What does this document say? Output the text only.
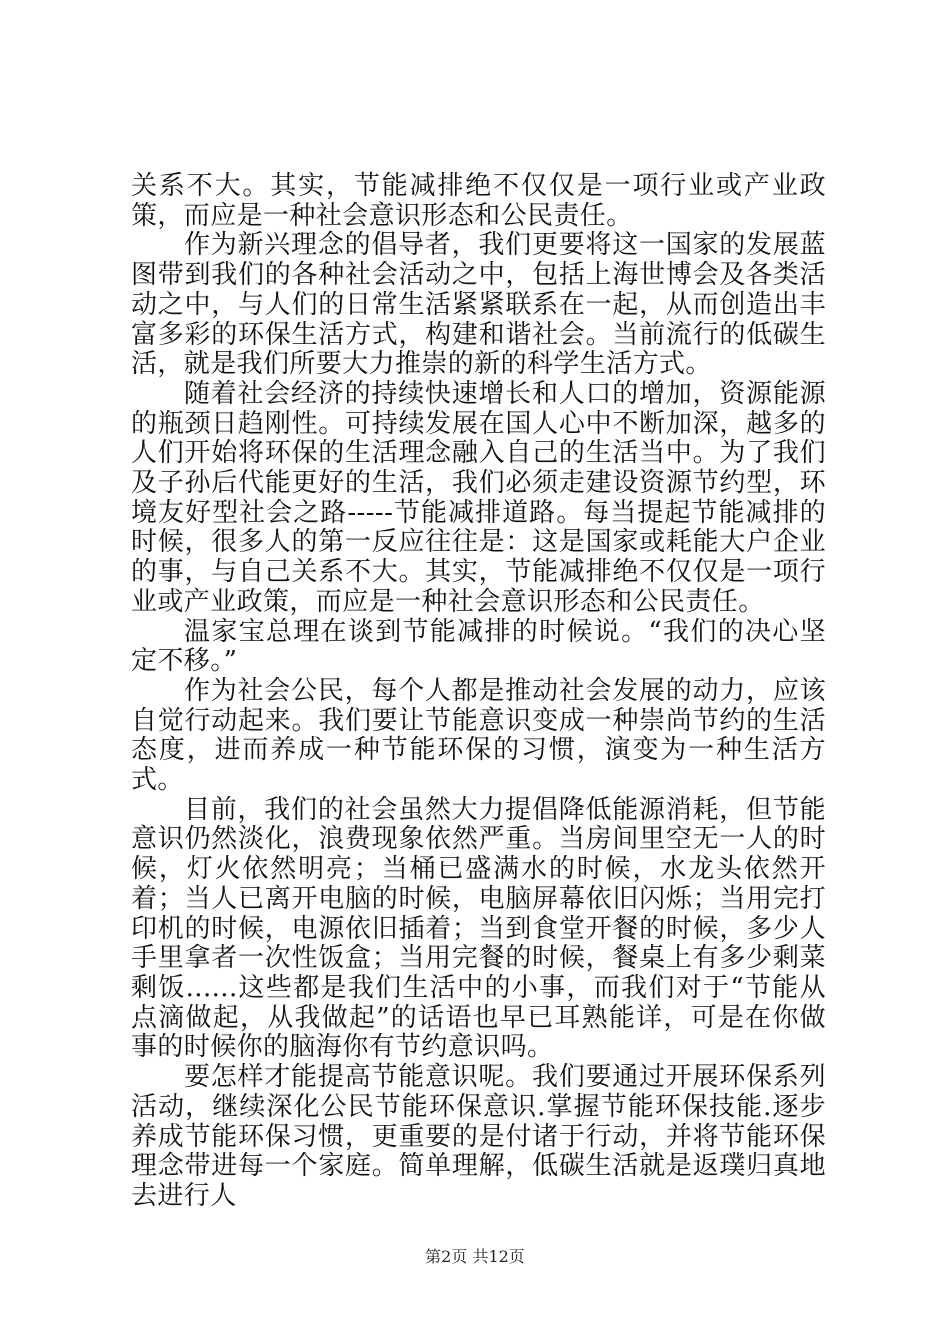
关系不大。其实，节能减排绝不仅仅是一项行业或产业政策，而应是一种社会意识形态和公民责任。

作为新兴理念的倡导者，我们更要将这一国家的发展蓝图带到我们的各种社会活动之中，包括上海世博会及各类活动之中，与人们的日常生活紧紧联系在一起，从而创造出丰富多彩的环保生活方式，构建和谐社会。当前流行的低碳生活，就是我们所要大力推崇的新的科学生活方式。

随着社会经济的持续快速增长和人口的增加，资源能源的瓶颈日趋刚性。可持续发展在国人心中不断加深，越多的人们开始将环保的生活理念融入自己的生活当中。为了我们及子孙后代能更好的生活，我们必须走建设资源节约型，环境友好型社会之路-----节能减排道路。每当提起节能减排的时候，很多人的第一反应往往是：这是国家或耗能大户企业的事，与自己关系不大。其实，节能减排绝不仅仅是一项行业或产业政策，而应是一种社会意识形态和公民责任。

温家宝总理在谈到节能减排的时候说。“我们的决心坚定不移。”

作为社会公民，每个人都是推动社会发展的动力，应该自觉行动起来。我们要让节能意识变成一种崇尚节约的生活态度，进而养成一种节能环保的习惯，演变为一种生活方式。

目前，我们的社会虽然大力提倡降低能源消耗，但节能意识仍然淡化，浪费现象依然严重。当房间里空无一人的时候，灯火依然明亮；当桶已盛满水的时候，水龙头依然开着；当人已离开电脑的时候，电脑屏幕依旧闪烁；当用完打印机的时候，电源依旧插着；当到食堂开餐的时候，多少人手里拿者一次性饭盒；当用完餐的时候，餐桌上有多少剩菜剩饭......这些都是我们生活中的小事，而我们对于“节能从点滴做起，从我做起”的话语也早已耳熟能详，可是在你做事的时候你的脑海你有节约意识吗。

要怎样才能提高节能意识呢。我们要通过开展环保系列活动，继续深化公民节能环保意识.掌握节能环保技能.逐步养成节能环保习惯，更重要的是付诸于行动，并将节能环保理念带进每一个家庭。简单理解，低碳生活就是返璞归真地去进行人

第2页 共12页
